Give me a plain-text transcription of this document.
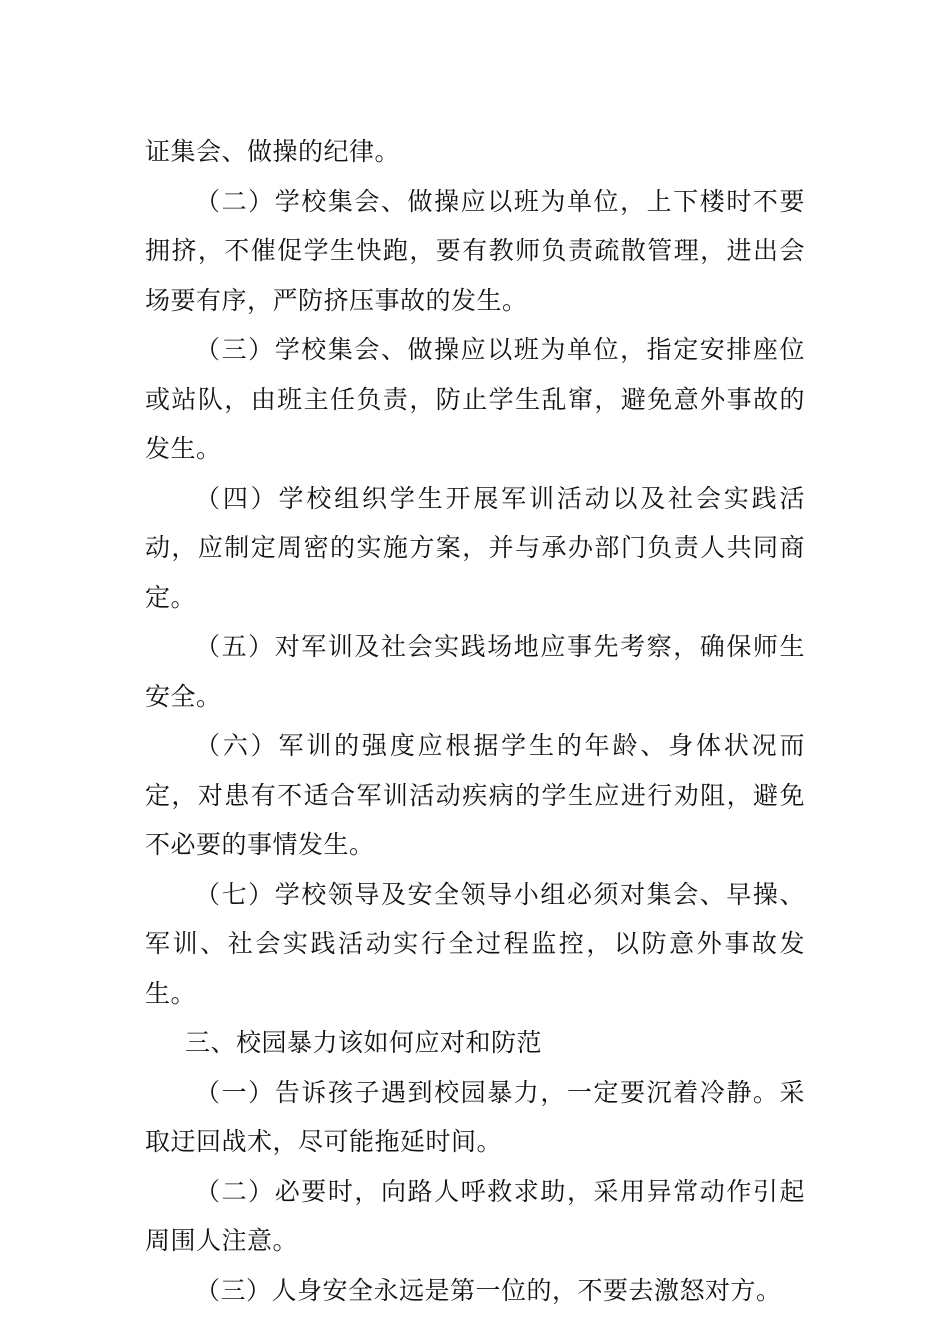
证集会、做操的纪律。

（二）学校集会、做操应以班为单位，上下楼时不要拥挤，不催促学生快跑，要有教师负责疏散管理，进出会场要有序，严防挤压事故的发生。

（三）学校集会、做操应以班为单位，指定安排座位或站队，由班主任负责，防止学生乱窜，避免意外事故的发生。

（四）学校组织学生开展军训活动以及社会实践活动，应制定周密的实施方案，并与承办部门负责人共同商定。

（五）对军训及社会实践场地应事先考察，确保师生安全。

（六）军训的强度应根据学生的年龄、身体状况而定，对患有不适合军训活动疾病的学生应进行劝阻，避免不必要的事情发生。

（七）学校领导及安全领导小组必须对集会、早操、军训、社会实践活动实行全过程监控，以防意外事故发生。

三、校园暴力该如何应对和防范

（一）告诉孩子遇到校园暴力，一定要沉着冷静。采取迂回战术，尽可能拖延时间。

（二）必要时，向路人呼救求助，采用异常动作引起周围人注意。

（三）人身安全永远是第一位的，不要去激怒对方。
